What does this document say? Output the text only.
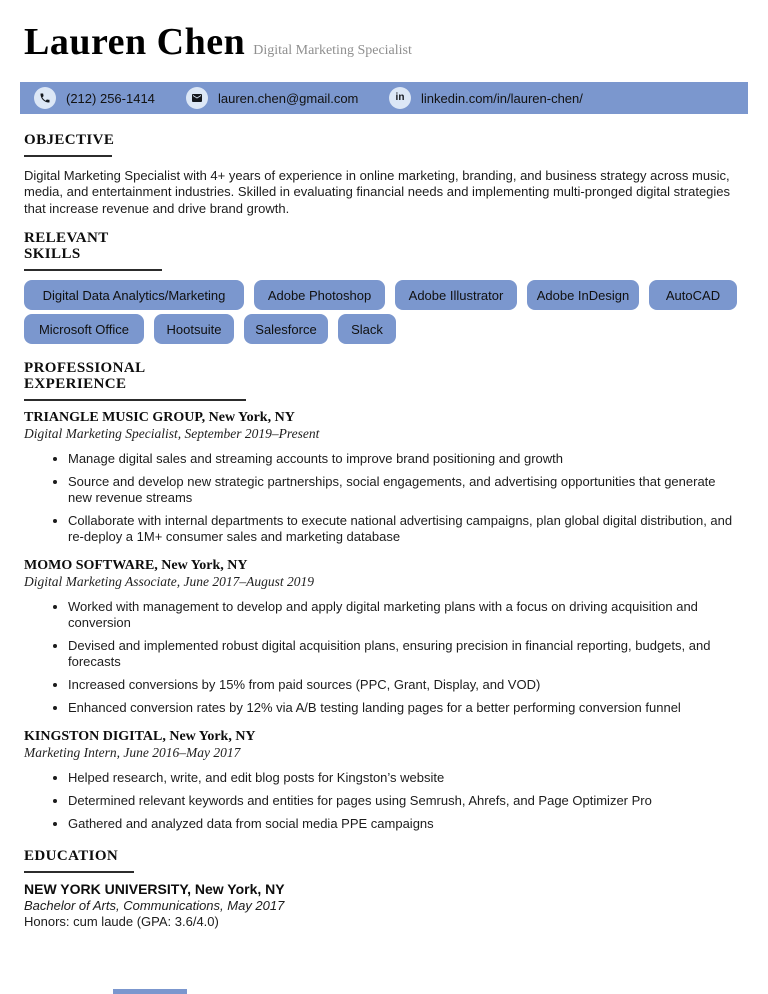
Lauren Chen Digital Marketing Specialist
(212) 256-1414	lauren.chen@gmail.com	in linkedin.com/in/lauren-chen/
OBJECTIVE

Digital Marketing Specialist with 4+ years of experience in online marketing, branding, and business strategy across music, media, and entertainment industries. Skilled in evaluating financial needs and implementing multi-pronged digital strategies that increase revenue and drive brand growth.

RELEVANT SKILLS
Digital Data Analytics/Marketing	Adobe Photoshop	Adobe Illustrator	Adobe InDesign	AutoCAD
Microsoft Office	Hootsuite	Salesforce	Slack
PROFESSIONAL EXPERIENCE
TRIANGLE MUSIC GROUP, New York, NY
Digital Marketing Specialist, September 2019–Present
• Manage digital sales and streaming accounts to improve brand positioning and growth
• Source and develop new strategic partnerships, social engagements, and advertising opportunities that generate new revenue streams
• Collaborate with internal departments to execute national advertising campaigns, plan global digital distribution, and re-deploy a 1M+ consumer sales and marketing database
MOMO SOFTWARE, New York, NY
Digital Marketing Associate, June 2017–August 2019
• Worked with management to develop and apply digital marketing plans with a focus on driving acquisition and conversion
• Devised and implemented robust digital acquisition plans, ensuring precision in financial reporting, budgets, and forecasts
• Increased conversions by 15% from paid sources (PPC, Grant, Display, and VOD)
• Enhanced conversion rates by 12% via A/B testing landing pages for a better performing conversion funnel
KINGSTON DIGITAL, New York, NY
Marketing Intern, June 2016–May 2017
• Helped research, write, and edit blog posts for Kingston’s website
• Determined relevant keywords and entities for pages using Semrush, Ahrefs, and Page Optimizer Pro
• Gathered and analyzed data from social media PPE campaigns
EDUCATION
NEW YORK UNIVERSITY, New York, NY
Bachelor of Arts, Communications, May 2017
Honors: cum laude (GPA: 3.6/4.0)
